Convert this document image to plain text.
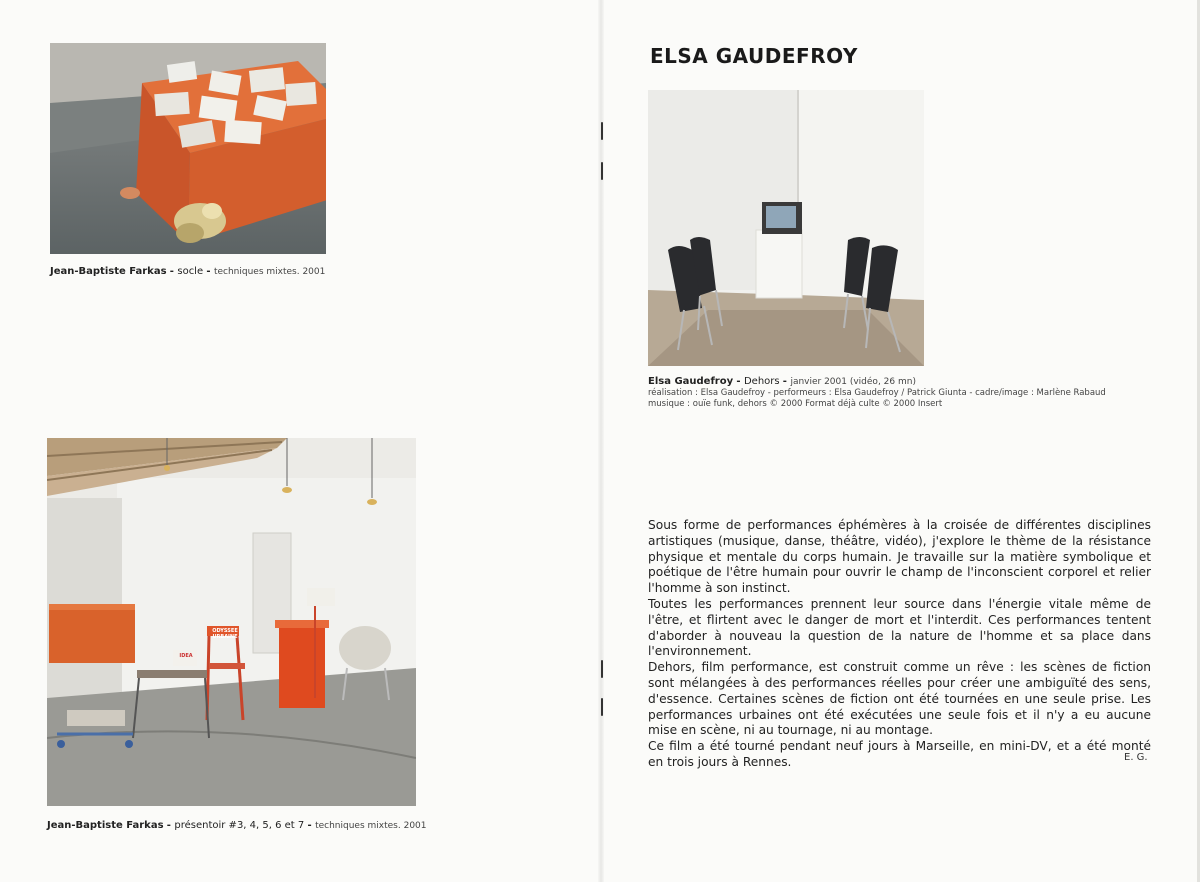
Jean-Baptiste Farkas - socle - techniques mixtes. 2001
ODYSSEE URBAINE
IDEA
Jean-Baptiste Farkas - présentoir #3, 4, 5, 6 et 7 - techniques mixtes. 2001
ELSA GAUDEFROY
Elsa Gaudefroy - Dehors - janvier 2001 (vidéo, 26 mn)
réalisation : Elsa Gaudefroy - performeurs : Elsa Gaudefroy / Patrick Giunta - cadre/image : Marlène Rabaud
musique : ouïe funk, dehors © 2000 Format déjà culte © 2000 Insert

Sous forme de performances éphémères à la croisée de différentes disciplines artistiques (musique, danse, théâtre, vidéo), j'explore le thème de la résistance physique et mentale du corps humain. Je travaille sur la matière symbolique et poétique de l'être humain pour ouvrir le champ de l'inconscient corporel et relier l'homme à son instinct.

Toutes les performances prennent leur source dans l'énergie vitale même de l'être, et flirtent avec le danger de mort et l'interdit. Ces performances tentent d'aborder à nouveau la question de la nature de l'homme et sa place dans l'environnement.

Dehors, film performance, est construit comme un rêve : les scènes de fiction sont mélangées à des performances réelles pour créer une ambiguïté des sens, d'essence. Certaines scènes de fiction ont été tournées en une seule prise. Les performances urbaines ont été exécutées une seule fois et il n'y a eu aucune mise en scène, ni au tournage, ni au montage.

Ce film a été tourné pendant neuf jours à Marseille, en mini-DV, et a été monté en trois jours à Rennes.	E. G.
